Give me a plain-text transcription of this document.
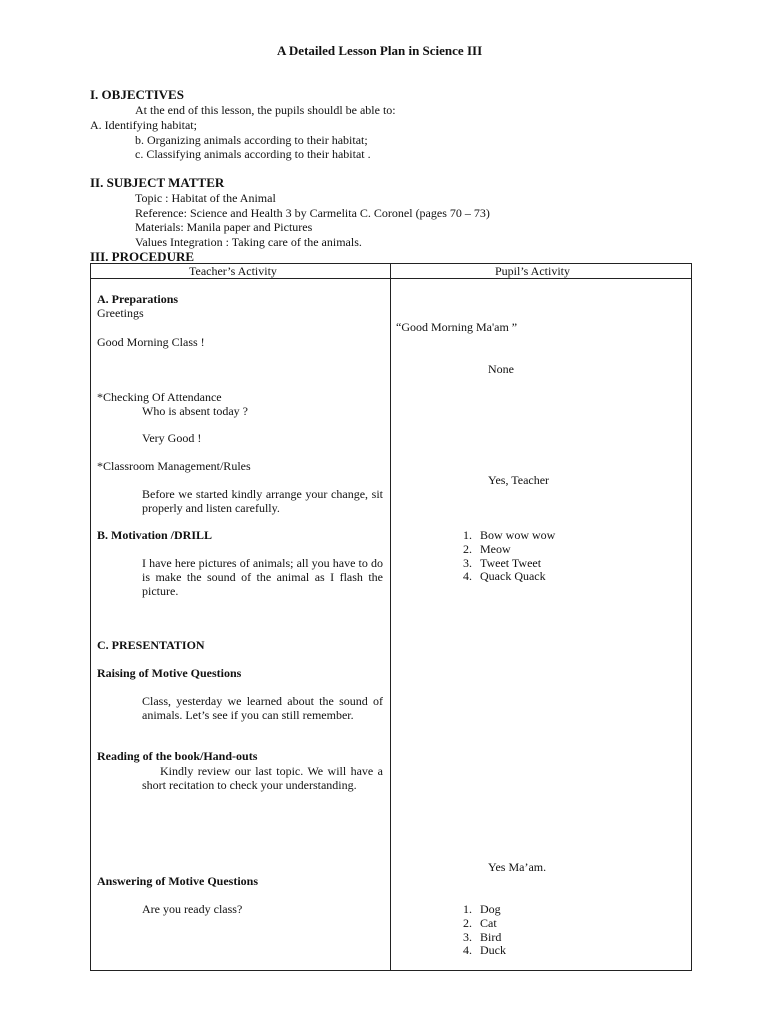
A Detailed Lesson Plan in Science III
I. OBJECTIVES
At the end of this lesson, the pupils shouldl be able to:
A. Identifying habitat;
b. Organizing animals according to their habitat;
c. Classifying animals according to their habitat .
II. SUBJECT MATTER
Topic : Habitat of the Animal
Reference: Science and Health 3 by Carmelita C. Coronel (pages 70 – 73)
Materials: Manila paper and Pictures
Values Integration : Taking care of the animals.
III. PROCEDURE
Teacher’s Activity	Pupil’s Activity
A. Preparations
Greetings
Good Morning Class !
*Checking Of Attendance
Who is absent today ?
Very Good !
*Classroom Management/Rules
Before we started kindly arrange your change, sit properly and listen carefully.
B. Motivation /DRILL
I have here pictures of animals; all you have to do is make the sound of the animal as I flash the picture.
C. PRESENTATION
Raising of Motive Questions
Class, yesterday we learned about the sound of animals. Let’s see if you can still remember.
Reading of the book/Hand-outs
Kindly review our last topic. We will have a short recitation to check your understanding.
Answering of Motive Questions
Are you ready class?
“Good Morning Ma'am ”
None
Yes, Teacher
1. Bow wow wow
2. Meow
3. Tweet Tweet
4. Quack Quack
Yes Ma’am.
1. Dog
2. Cat
3. Bird
4. Duck
